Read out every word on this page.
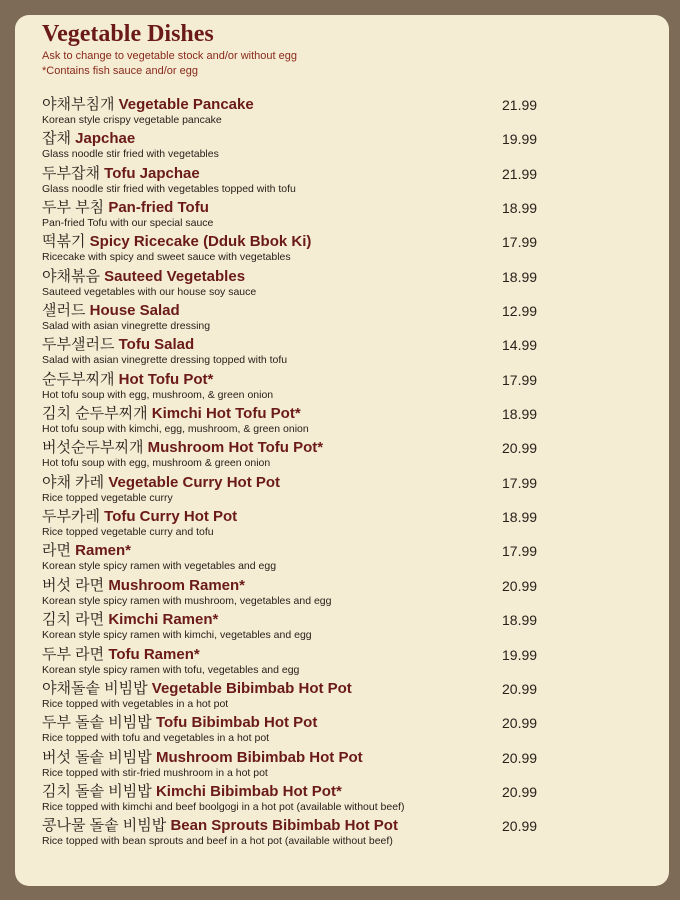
Vegetable Dishes
Ask to change to vegetable stock and/or without egg
*Contains fish sauce and/or egg
야채부침개 Vegetable Pancake
Korean style crispy vegetable pancake
21.99
잡채 Japchae
Glass noodle stir fried with vegetables
19.99
두부잡채 Tofu Japchae
Glass noodle stir fried with vegetables topped with tofu
21.99
두부 부침 Pan-fried Tofu
Pan-fried Tofu with our special sauce
18.99
떡볶기 Spicy Ricecake (Dduk Bbok Ki)
Ricecake with spicy and sweet sauce with vegetables
17.99
야채볶음 Sauteed Vegetables
Sauteed vegetables with our house soy sauce
18.99
샐러드 House Salad
Salad with asian vinegrette dressing
12.99
두부샐러드 Tofu Salad
Salad with asian vinegrette dressing topped with tofu
14.99
순두부찌개 Hot Tofu Pot*
Hot tofu soup with egg, mushroom, & green onion
17.99
김치 순두부찌개 Kimchi Hot Tofu Pot*
Hot tofu soup with kimchi, egg, mushroom, & green onion
18.99
버섯순두부찌개 Mushroom Hot Tofu Pot*
Hot tofu soup with egg, mushroom & green onion
20.99
야채 카레 Vegetable Curry Hot Pot
Rice topped vegetable curry
17.99
두부카레 Tofu Curry Hot Pot
Rice topped vegetable curry and tofu
18.99
라면 Ramen*
Korean style spicy ramen with vegetables and egg
17.99
버섯 라면 Mushroom Ramen*
Korean style spicy ramen with mushroom, vegetables and egg
20.99
김치 라면 Kimchi Ramen*
Korean style spicy ramen with kimchi, vegetables and egg
18.99
두부 라면 Tofu Ramen*
Korean style spicy ramen with tofu, vegetables and egg
19.99
야채돌솥 비빔밥 Vegetable Bibimbab Hot Pot
Rice topped with vegetables in a hot pot
20.99
두부 돌솥 비빔밥 Tofu Bibimbab Hot Pot
Rice topped with tofu and vegetables in a hot pot
20.99
버섯 돌솥 비빔밥 Mushroom Bibimbab Hot Pot
Rice topped with stir-fried mushroom in a hot pot
20.99
김치 돌솥 비빔밥 Kimchi Bibimbab Hot Pot*
Rice topped with kimchi and beef boolgogi in a hot pot (available without beef)
20.99
콩나물 돌솥 비빔밥 Bean Sprouts Bibimbab Hot Pot
Rice topped with bean sprouts and beef in a hot pot (available without beef)
20.99
